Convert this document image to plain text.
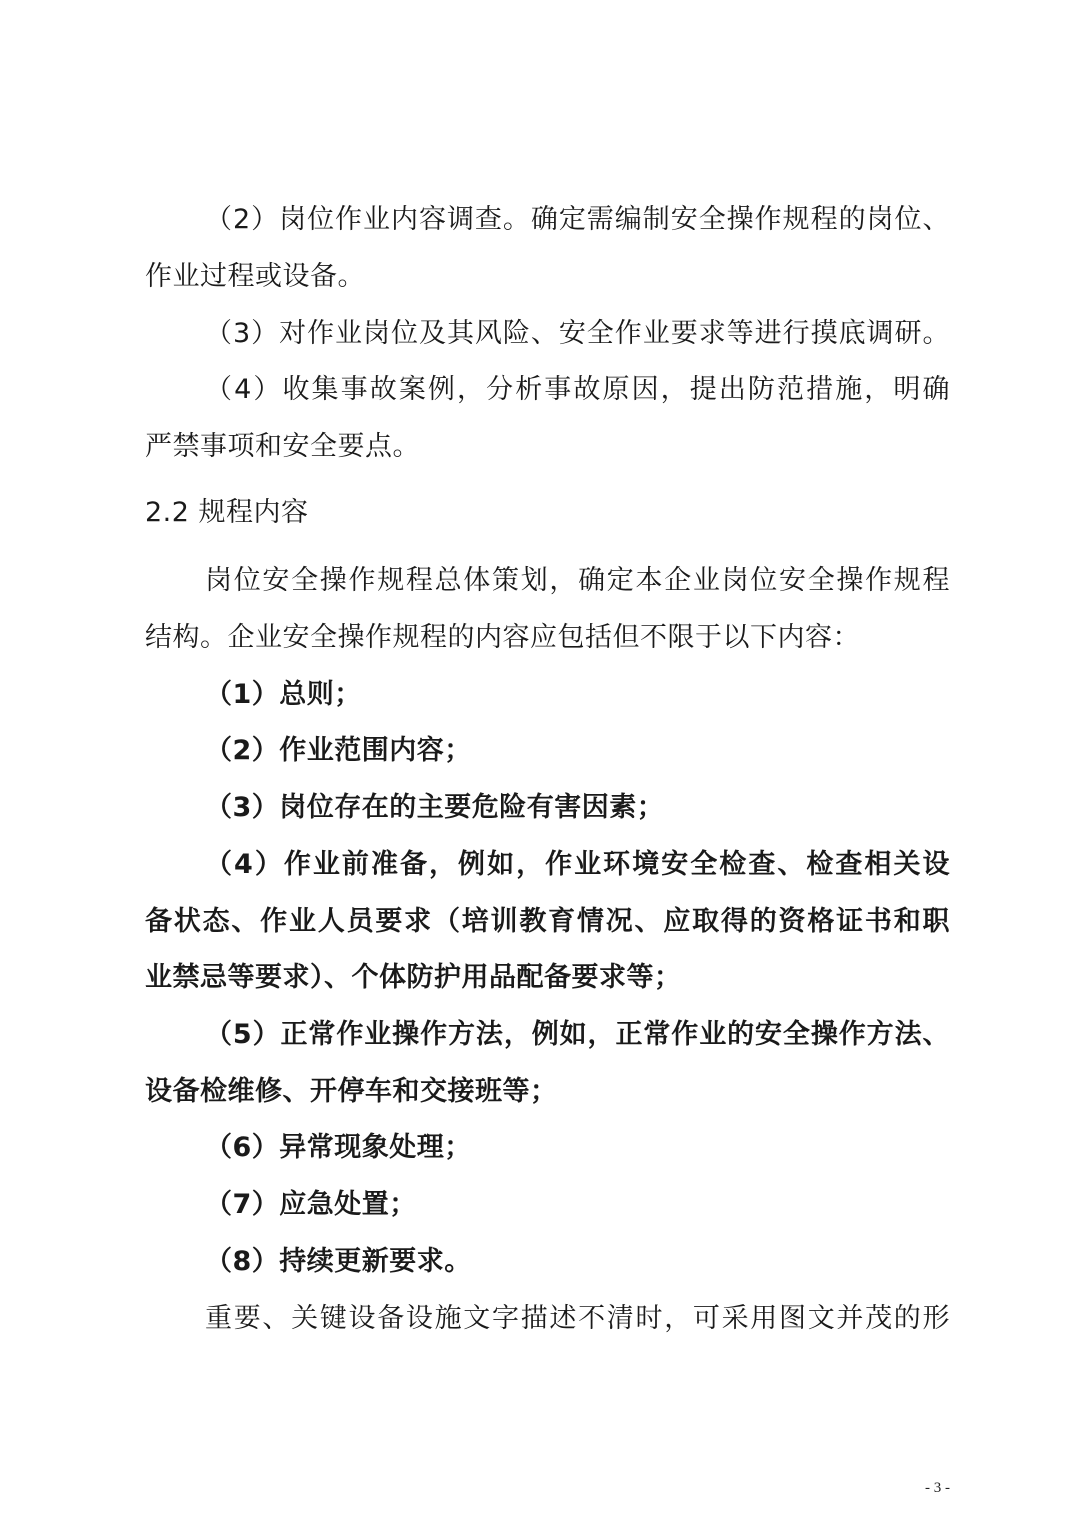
（2）岗位作业内容调查。确定需编制安全操作规程的岗位、
作业过程或设备。
（3）对作业岗位及其风险、安全作业要求等进行摸底调研。
（4）收集事故案例，分析事故原因，提出防范措施，明确
严禁事项和安全要点。
2.2 规程内容
岗位安全操作规程总体策划，确定本企业岗位安全操作规程
结构。企业安全操作规程的内容应包括但不限于以下内容：
（1）总则；
（2）作业范围内容；
（3）岗位存在的主要危险有害因素；
（4）作业前准备，例如，作业环境安全检查、检查相关设
备状态、作业人员要求（培训教育情况、应取得的资格证书和职
业禁忌等要求）、个体防护用品配备要求等；
（5）正常作业操作方法，例如，正常作业的安全操作方法、
设备检维修、开停车和交接班等；
（6）异常现象处理；
（7）应急处置；
（8）持续更新要求。
重要、关键设备设施文字描述不清时，可采用图文并茂的形
- 3 -
